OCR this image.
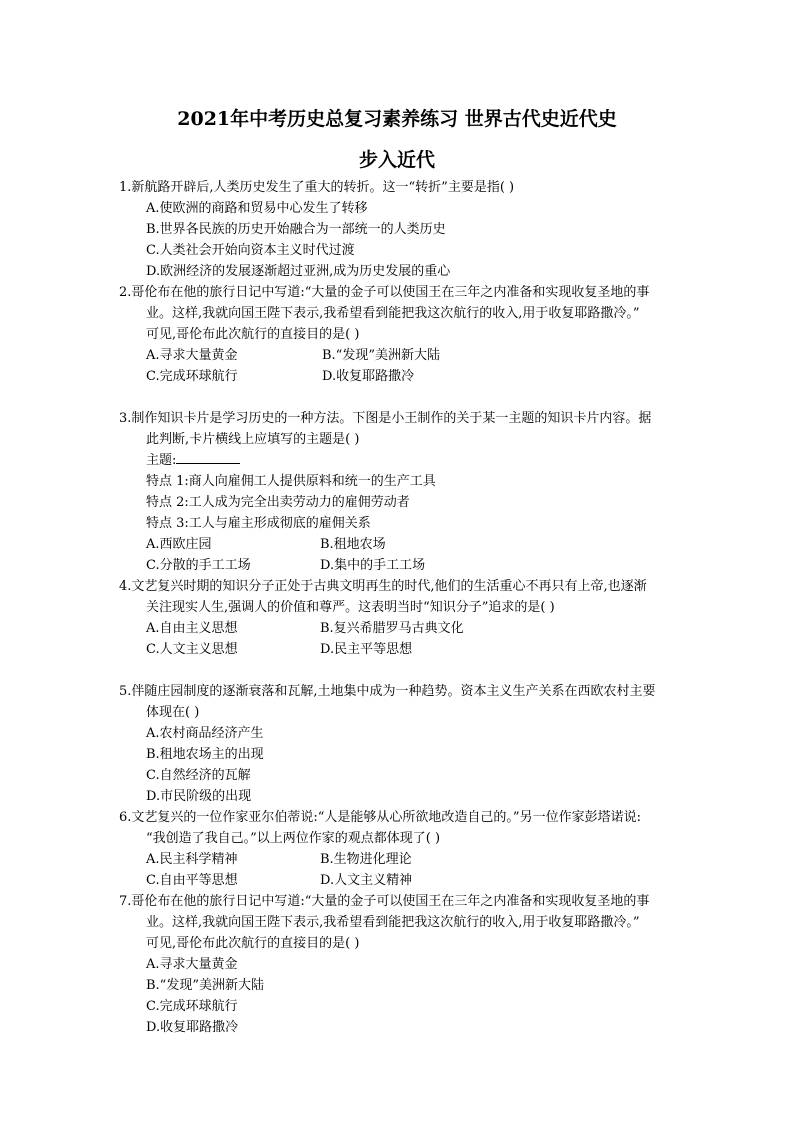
2021年中考历史总复习素养练习 世界古代史近代史
步入近代
1.新航路开辟后,人类历史发生了重大的转折。这一“转折”主要是指( )
A.使欧洲的商路和贸易中心发生了转移
B.世界各民族的历史开始融合为一部统一的人类历史
C.人类社会开始向资本主义时代过渡
D.欧洲经济的发展逐渐超过亚洲,成为历史发展的重心
2.哥伦布在他的旅行日记中写道:“大量的金子可以使国王在三年之内准备和实现收复圣地的事
业。这样,我就向国王陛下表示,我希望看到能把我这次航行的收入,用于收复耶路撒冷。”
可见,哥伦布此次航行的直接目的是( )
A.寻求大量黄金	B.“发现”美洲新大陆
C.完成环球航行	D.收复耶路撒冷
3.制作知识卡片是学习历史的一种方法。下图是小王制作的关于某一主题的知识卡片内容。据
此判断,卡片横线上应填写的主题是( )
主题:
特点 1:商人向雇佣工人提供原料和统一的生产工具
特点 2:工人成为完全出卖劳动力的雇佣劳动者
特点 3:工人与雇主形成彻底的雇佣关系
A.西欧庄园	B.租地农场
C.分散的手工工场	D.集中的手工工场
4.文艺复兴时期的知识分子正处于古典文明再生的时代,他们的生活重心不再只有上帝,也逐渐
关注现实人生,强调人的价值和尊严。这表明当时“知识分子”追求的是( )
A.自由主义思想	B.复兴希腊罗马古典文化
C.人文主义思想	D.民主平等思想
5.伴随庄园制度的逐渐衰落和瓦解,土地集中成为一种趋势。资本主义生产关系在西欧农村主要
体现在( )
A.农村商品经济产生
B.租地农场主的出现
C.自然经济的瓦解
D.市民阶级的出现
6.文艺复兴的一位作家亚尔伯蒂说:“人是能够从心所欲地改造自己的。”另一位作家彭塔诺说:
“我创造了我自己。”以上两位作家的观点都体现了( )
A.民主科学精神	B.生物进化理论
C.自由平等思想	D.人文主义精神
7.哥伦布在他的旅行日记中写道:“大量的金子可以使国王在三年之内准备和实现收复圣地的事
业。这样,我就向国王陛下表示,我希望看到能把我这次航行的收入,用于收复耶路撒冷。”
可见,哥伦布此次航行的直接目的是( )
A.寻求大量黄金
B.“发现”美洲新大陆
C.完成环球航行
D.收复耶路撒冷
